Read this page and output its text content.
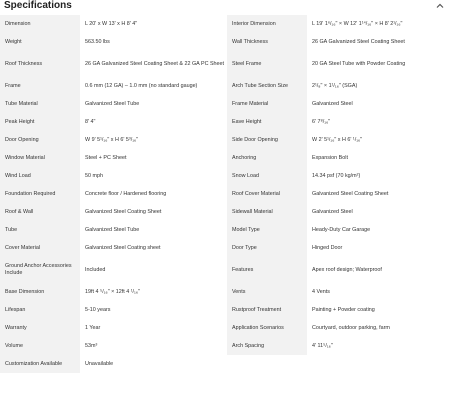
Specifications
Dimension	L 20' x W 13' x H 8' 4"	Interior Dimension	L 19' 1⁶/₁₆" × W 12' 1¹⁴/₁₆" × H 8' 2¹/₁₆"
Weight	563.50 lbs	Wall Thickness	26 GA Galvanized Steel Coating Sheet
Roof Thickness	26 GA Galvanized Steel Coating Sheet & 22 GA PC Sheet	Steel Frame	20 GA Steel Tube with Powder Coating
Frame	0.6 mm (12 GA) – 1.0 mm (no standard gauge)	Arch Tube Section Size	2¹/₈" × 1¹/₁₆" (SGA)
Tube Material	Galvanized Steel Tube	Frame Material	Galvanized Steel
Peak Height	8' 4"	Eave Height	6' 7⁸/₁₆"
Door Opening	W 9' 5¹/₁₆" x H 6' 5³/₁₆"	Side Door Opening	W 2' 5¹/₁₆" x H 6' ¹/₁₆"
Window Material	Steel + PC Sheet	Anchoring	Expansion Bolt
Wind Load	50 mph	Snow Load	14.34 psf (70 kg/m²)
Foundation Required	Concrete floor / Hardened flooring	Roof Cover Material	Galvanized Steel Coating Sheet
Roof & Wall	Galvanized Steel Coating Sheet	Sidewall Material	Galvanized Steel
Tube	Galvanized Steel Tube	Model Type	Heady-Duty Car Garage
Cover Material	Galvanized Steel Coating sheet	Door Type	Hinged Door
Ground Anchor Accessories Include	Included	Features	Apex roof design; Waterproof
Base Dimension	19ft 4 ⁵/₁₆" × 12ft 4 ¹/₁₆"	Vents	4 Vents
Lifespan	5-10 years	Rustproof Treatment	Painting + Powder coating
Warranty	1 Year	Application Scenarios	Courtyard, outdoor parking, farm
Volume	53m³	Arch Spacing	4' 11⁵/₁₆"
Customization Available	Unavailable		
